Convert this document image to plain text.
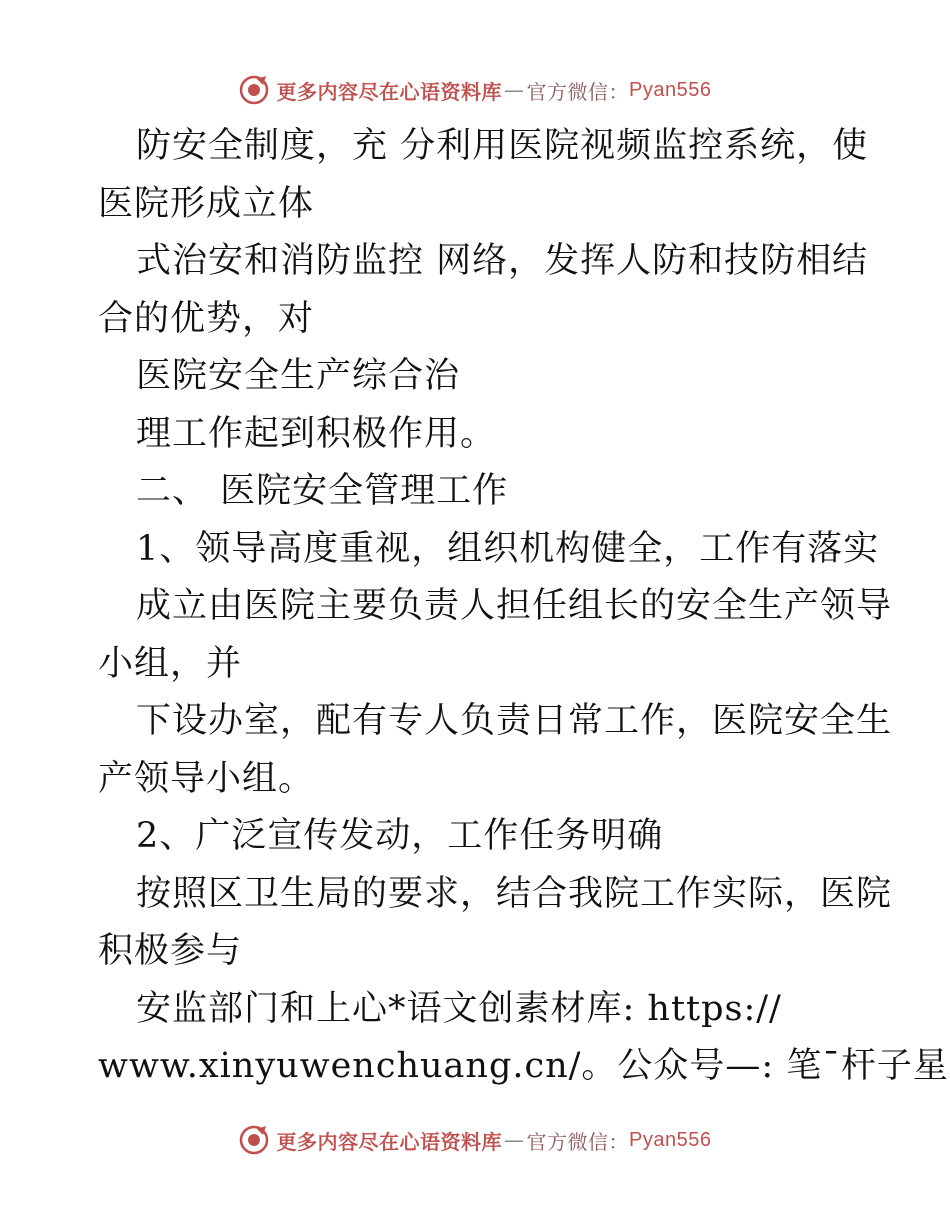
更多内容尽在心语资料库 — 官方微信： Pyan556
防安全制度，充 分利用医院视频监控系统，使
医院形成立体
式治安和消防监控 网络，发挥人防和技防相结
合的优势，对
医院安全生产综合治
理工作起到积极作用。
二、 医院安全管理工作
1、领导高度重视，组织机构健全，工作有落实
成立由医院主要负责人担任组长的安全生产领导
小组，并
下设办室，配有专人负责日常工作，医院安全生
产领导小组。
2、广泛宣传发动，工作任务明确
按照区卫生局的要求，结合我院工作实际，医院
积极参与
安监部门和上心*语文创素材库: https://
www.xinyuwenchuang.cn/。公众号—: 笔¯杆子星
更多内容尽在心语资料库 — 官方微信： Pyan556
